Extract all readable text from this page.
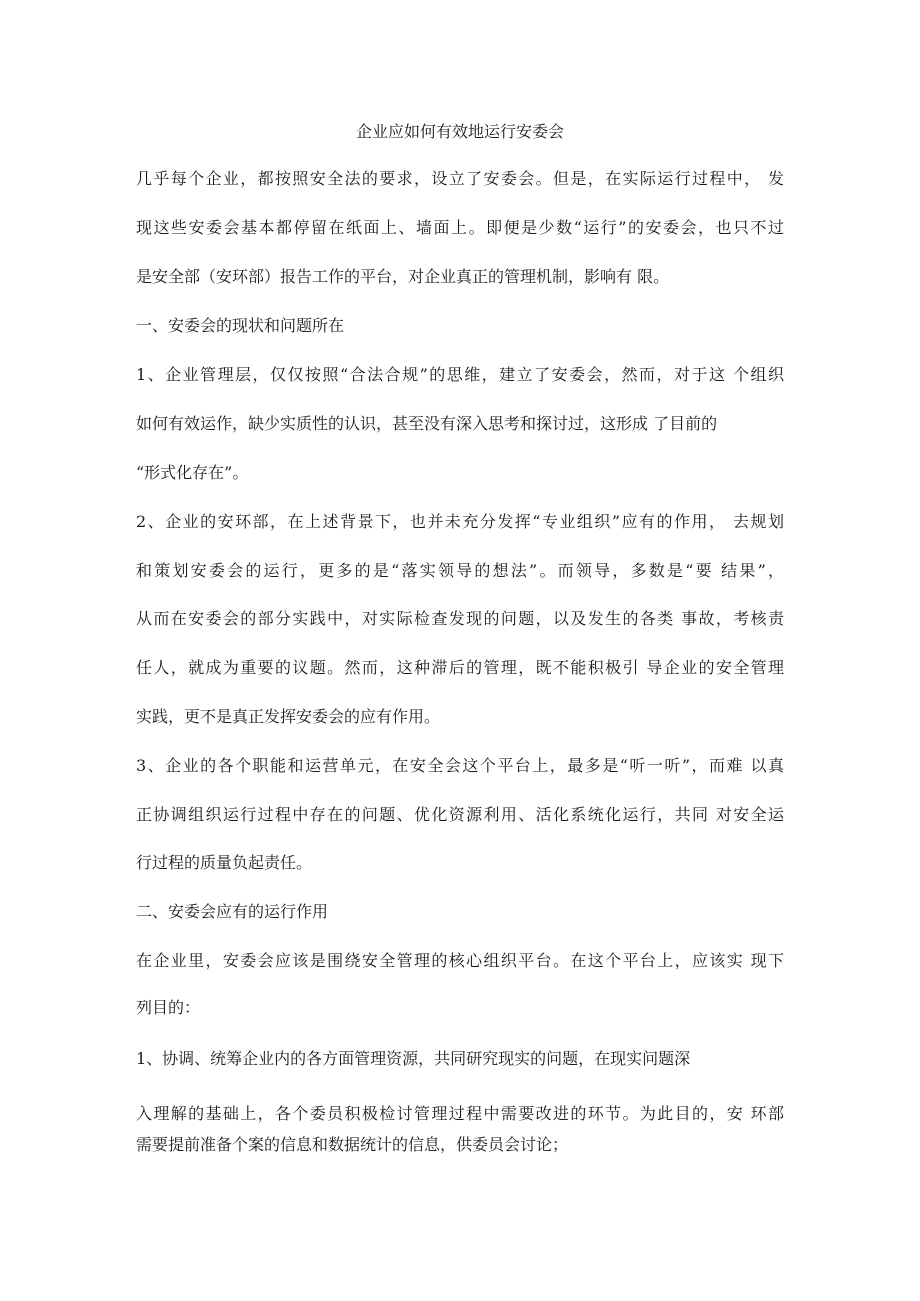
企业应如何有效地运行安委会
几乎每个企业，都按照安全法的要求，设立了安委会。但是，在实际运行过程中， 发
现这些安委会基本都停留在纸面上、墙面上。即便是少数“运行”的安委会，也只不过
是安全部（安环部）报告工作的平台，对企业真正的管理机制，影响有 限。
一、安委会的现状和问题所在
1、企业管理层，仅仅按照“合法合规”的思维，建立了安委会，然而，对于这 个组织
如何有效运作，缺少实质性的认识，甚至没有深入思考和探讨过，这形成 了目前的
“形式化存在”。
2、企业的安环部，在上述背景下，也并未充分发挥“专业组织”应有的作用， 去规划
和策划安委会的运行，更多的是“落实领导的想法”。而领导，多数是“要 结果”，
从而在安委会的部分实践中，对实际检查发现的问题，以及发生的各类 事故，考核责
任人，就成为重要的议题。然而，这种滞后的管理，既不能积极引 导企业的安全管理
实践，更不是真正发挥安委会的应有作用。
3、企业的各个职能和运营单元，在安全会这个平台上，最多是“听一听”，而难 以真
正协调组织运行过程中存在的问题、优化资源利用、活化系统化运行，共同 对安全运
行过程的质量负起责任。
二、安委会应有的运行作用
在企业里，安委会应该是围绕安全管理的核心组织平台。在这个平台上，应该实 现下
列目的：
1、协调、统筹企业内的各方面管理资源，共同研究现实的问题，在现实问题深
入理解的基础上，各个委员积极检讨管理过程中需要改进的环节。为此目的，安 环部
需要提前准备个案的信息和数据统计的信息，供委员会讨论；
